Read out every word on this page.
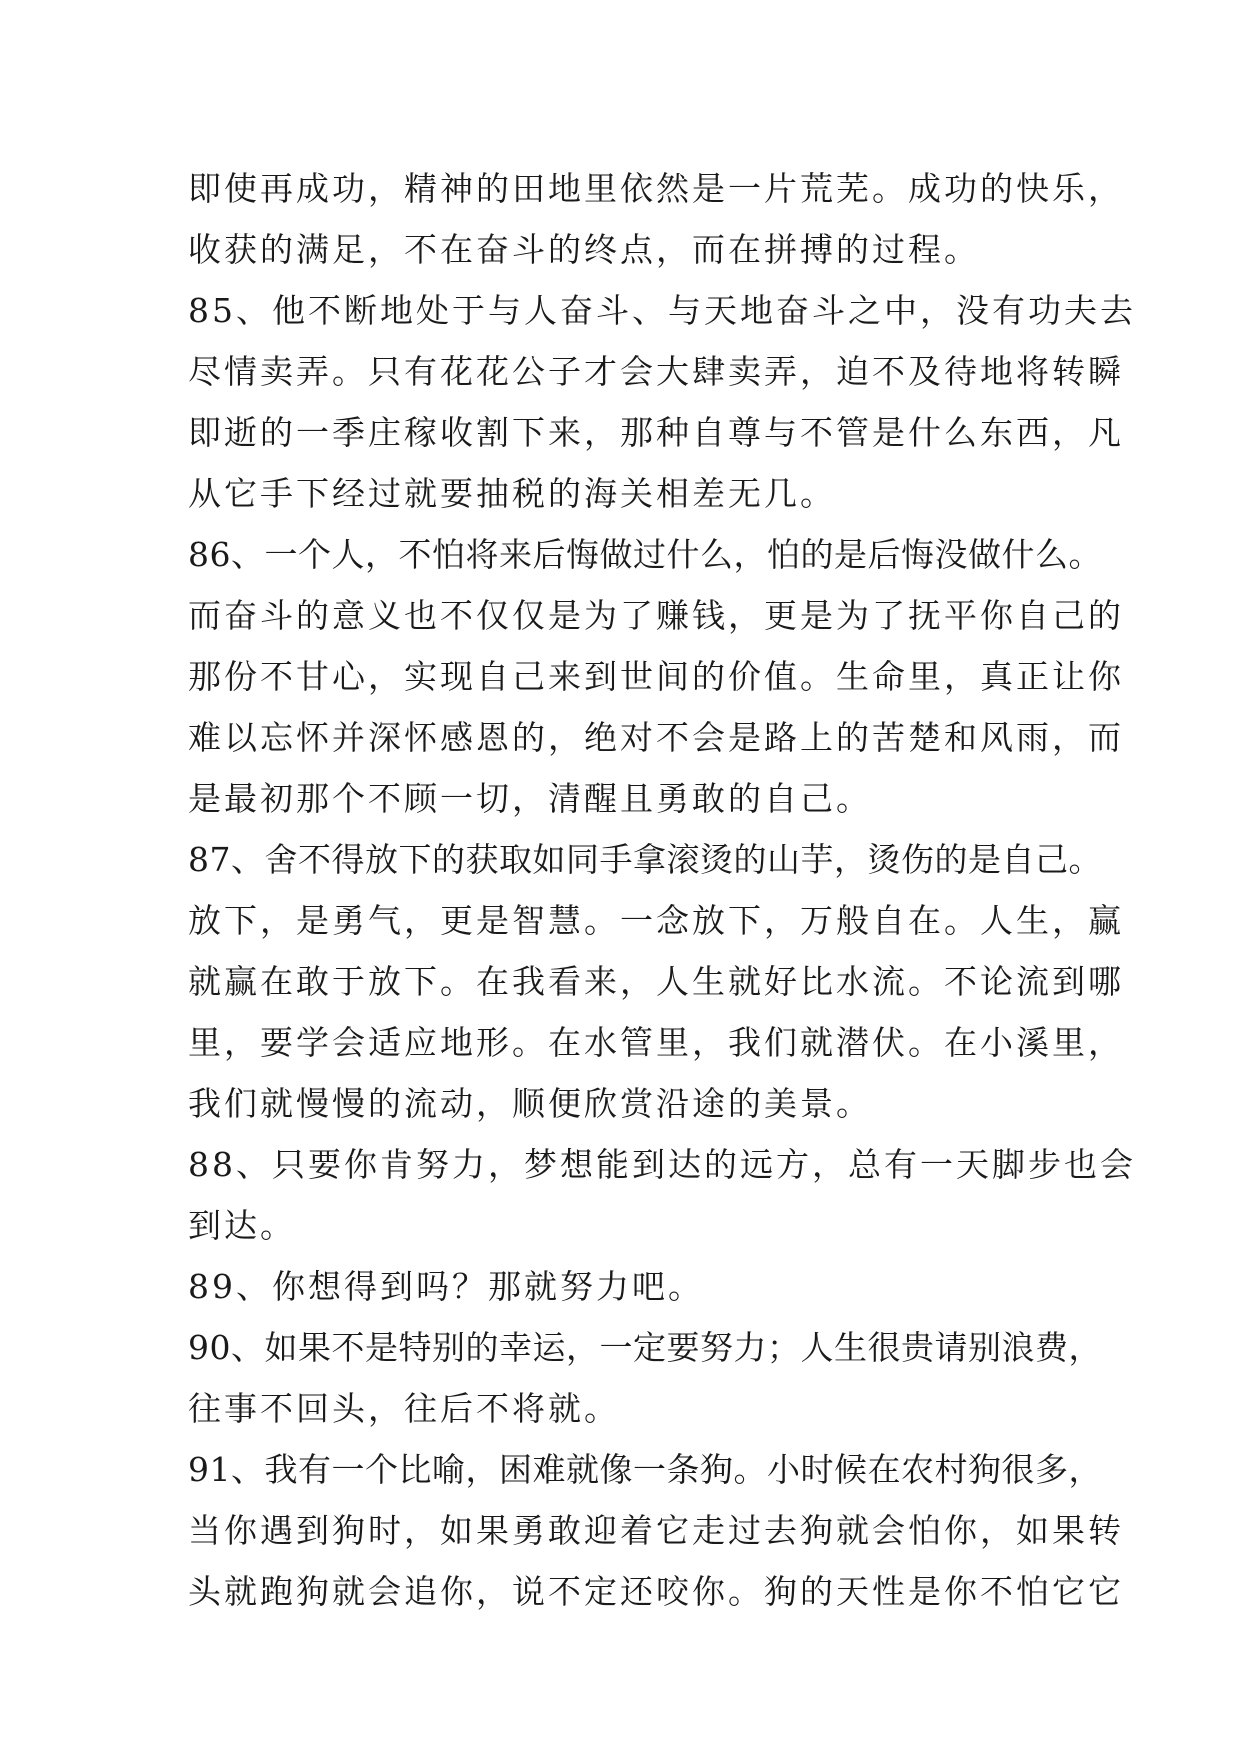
即使再成功，精神的田地里依然是一片荒芜。成功的快乐，
收获的满足，不在奋斗的终点，而在拼搏的过程。
85、他不断地处于与人奋斗、与天地奋斗之中，没有功夫去
尽情卖弄。只有花花公子才会大肆卖弄，迫不及待地将转瞬
即逝的一季庄稼收割下来，那种自尊与不管是什么东西，凡
从它手下经过就要抽税的海关相差无几。
86、一个人，不怕将来后悔做过什么，怕的是后悔没做什么。
而奋斗的意义也不仅仅是为了赚钱，更是为了抚平你自己的
那份不甘心，实现自己来到世间的价值。生命里，真正让你
难以忘怀并深怀感恩的，绝对不会是路上的苦楚和风雨，而
是最初那个不顾一切，清醒且勇敢的自己。
87、舍不得放下的获取如同手拿滚烫的山芋，烫伤的是自己。
放下，是勇气，更是智慧。一念放下，万般自在。人生，赢
就赢在敢于放下。在我看来，人生就好比水流。不论流到哪
里，要学会适应地形。在水管里，我们就潜伏。在小溪里，
我们就慢慢的流动，顺便欣赏沿途的美景。
88、只要你肯努力，梦想能到达的远方，总有一天脚步也会
到达。
89、你想得到吗？那就努力吧。
90、如果不是特别的幸运，一定要努力；人生很贵请别浪费，
往事不回头，往后不将就。
91、我有一个比喻，困难就像一条狗。小时候在农村狗很多，
当你遇到狗时，如果勇敢迎着它走过去狗就会怕你，如果转
头就跑狗就会追你，说不定还咬你。狗的天性是你不怕它它
